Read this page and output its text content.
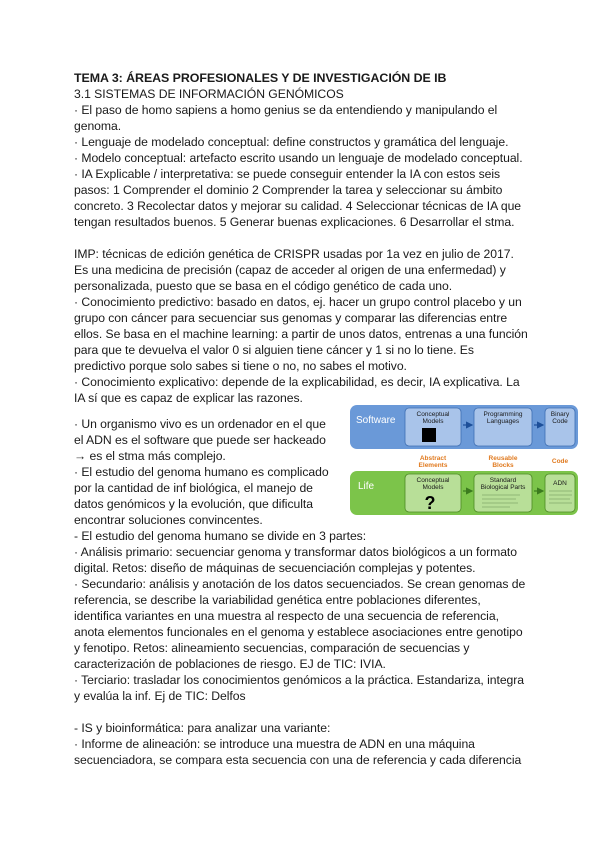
TEMA 3: ÁREAS PROFESIONALES Y DE INVESTIGACIÓN DE IB
3.1 SISTEMAS DE INFORMACIÓN GENÓMICOS
· El paso de homo sapiens a homo genius se da entendiendo y manipulando el
genoma.
· Lenguaje de modelado conceptual: define constructos y gramática del lenguaje.
· Modelo conceptual: artefacto escrito usando un lenguaje de modelado conceptual.
· IA Explicable / interpretativa: se puede conseguir entender la IA con estos seis
pasos: 1 Comprender el dominio 2 Comprender la tarea y seleccionar su ámbito
concreto. 3 Recolectar datos y mejorar su calidad. 4 Seleccionar técnicas de IA que
tengan resultados buenos. 5 Generar buenas explicaciones. 6 Desarrollar el stma.
IMP: técnicas de edición genética de CRISPR usadas por 1a vez en julio de 2017.
Es una medicina de precisión (capaz de acceder al origen de una enfermedad) y
personalizada, puesto que se basa en el código genético de cada uno.
· Conocimiento predictivo: basado en datos, ej. hacer un grupo control placebo y un
grupo con cáncer para secuenciar sus genomas y comparar las diferencias entre
ellos. Se basa en el machine learning: a partir de unos datos, entrenas a una función
para que te devuelva el valor 0 si alguien tiene cáncer y 1 si no lo tiene. Es
predictivo porque solo sabes si tiene o no, no sabes el motivo.
· Conocimiento explicativo: depende de la explicabilidad, es decir, IA explicativa. La
IA sí que es capaz de explicar las razones.
· Un organismo vivo es un ordenador en el que
el ADN es el software que puede ser hackeado
→ es el stma más complejo.
· El estudio del genoma humano es complicado
por la cantidad de inf biológica, el manejo de
datos genómicos y la evolución, que dificulta
encontrar soluciones convincentes.
- El estudio del genoma humano se divide en 3 partes:
· Análisis primario: secuenciar genoma y transformar datos biológicos a un formato
digital. Retos: diseño de máquinas de secuenciación complejas y potentes.
· Secundario: análisis y anotación de los datos secuenciados. Se crean genomas de
referencia, se describe la variabilidad genética entre poblaciones diferentes,
identifica variantes en una muestra al respecto de una secuencia de referencia,
anota elementos funcionales en el genoma y establece asociaciones entre genotipo
y fenotipo. Retos: alineamiento secuencias, comparación de secuencias y
caracterización de poblaciones de riesgo. EJ de TIC: IVIA.
· Terciario: trasladar los conocimientos genómicos a la práctica. Estandariza, integra
y evalúa la inf. Ej de TIC: Delfos
- IS y bioinformática: para analizar una variante:
· Informe de alineación: se introduce una muestra de ADN en una máquina
secuenciadora, se compara esta secuencia con una de referencia y cada diferencia
Software
Conceptual
Models
Programming
Languages
Binary
Code
Abstract
Elements
Reusable
Blocks
Code
Life
Conceptual
Models
?
Standard
Biological Parts
ADN
